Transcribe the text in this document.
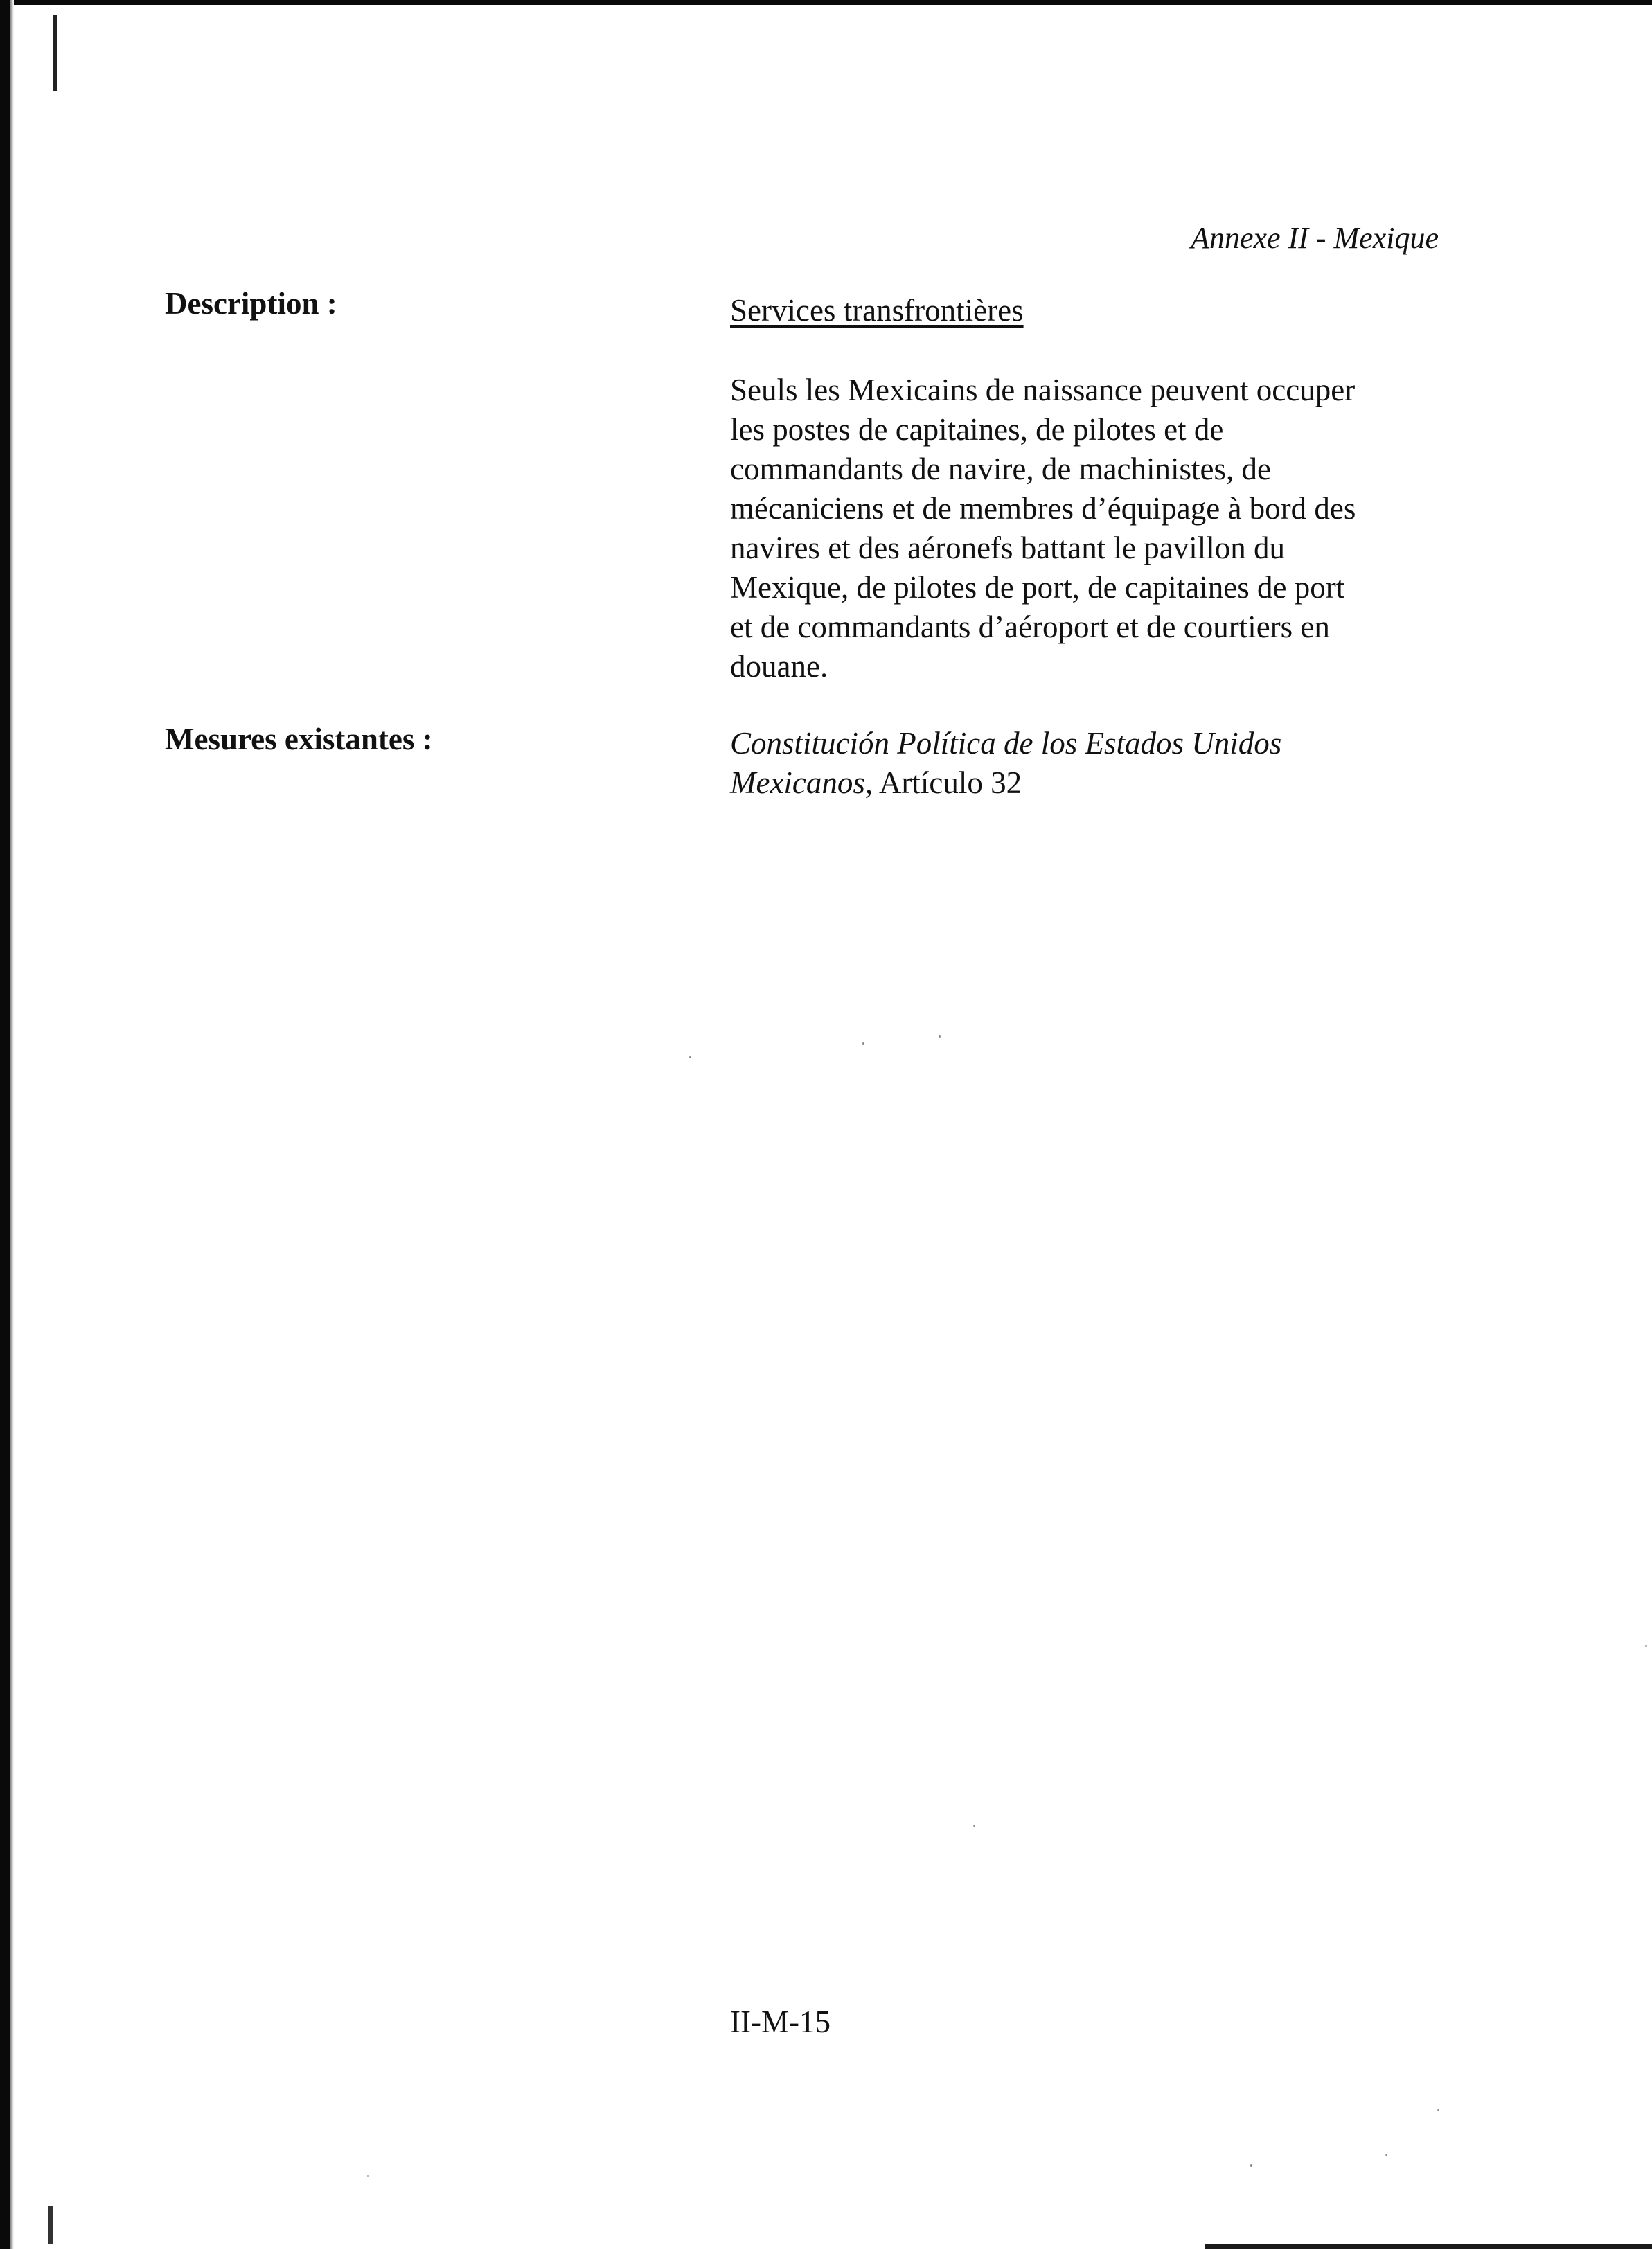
Annexe II - Mexique
Description :
Mesures existantes :
Services transfrontières

Seuls les Mexicains de naissance peuvent occuper

les postes de capitaines, de pilotes et de

commandants de navire, de machinistes, de

mécaniciens et de membres d’équipage à bord des

navires et des aéronefs battant le pavillon du

Mexique, de pilotes de port, de capitaines de port

et de commandants d’aéroport et de courtiers en

douane.

Constitución Política de los Estados Unidos

Mexicanos, Artículo 32

II-M-15
